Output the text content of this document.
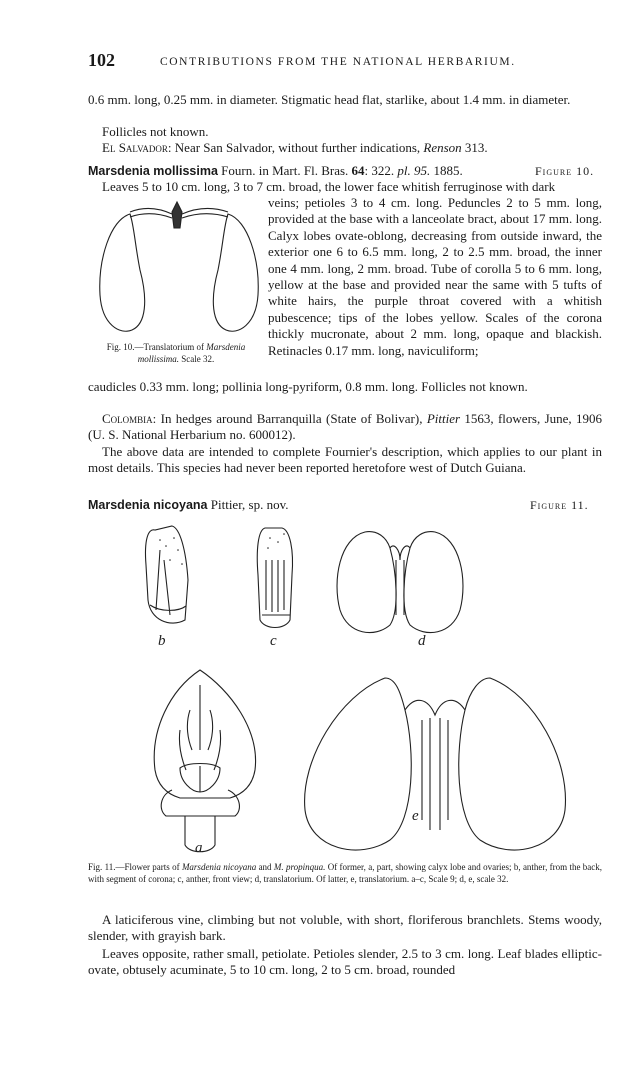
102	CONTRIBUTIONS FROM THE NATIONAL HERBARIUM.

0.6 mm. long, 0.25 mm. in diameter. Stigmatic head flat, starlike, about 1.4 mm. in diameter.

Follicles not known.

El Salvador: Near San Salvador, without further indications, Renson 313.

Marsdenia mollissima Fourn. in Mart. Fl. Bras. 64: 322. pl. 95. 1885.	Figure 10.

Leaves 5 to 10 cm. long, 3 to 7 cm. broad, the lower face whitish ferruginose with dark

Fig. 10.—Translatorium of Marsdenia mollissima. Scale 32.

veins; petioles 3 to 4 cm. long. Peduncles 2 to 5 mm. long, provided at the base with a lanceolate bract, about 17 mm. long. Calyx lobes ovate-oblong, decreasing from outside inward, the exterior one 6 to 6.5 mm. long, 2 to 2.5 mm. broad, the inner one 4 mm. long, 2 mm. broad. Tube of corolla 5 to 6 mm. long, yellow at the base and provided near the same with 5 tufts of white hairs, the purple throat covered with a whitish pubescence; tips of the lobes yellow. Scales of the corona thickly mucronate, about 2 mm. long, opaque and blackish. Retinacles 0.17 mm. long, naviculiform;

caudicles 0.33 mm. long; pollinia long-pyriform, 0.8 mm. long. Follicles not known.

Colombia: In hedges around Barranquilla (State of Bolivar), Pittier 1563, flowers, June, 1906 (U. S. National Herbarium no. 600012).

The above data are intended to complete Fournier's description, which applies to our plant in most details. This species had never been reported heretofore west of Dutch Guiana.

Marsdenia nicoyana Pittier, sp. nov.	Figure 11.
b	c	d
a
e

Fig. 11.—Flower parts of Marsdenia nicoyana and M. propinqua. Of former, a, part, showing calyx lobe and ovaries; b, anther, from the back, with segment of corona; c, anther, front view; d, translatorium. Of latter, e, translatorium. a–c, Scale 9; d, e, scale 32.

A laticiferous vine, climbing but not voluble, with short, floriferous branchlets. Stems woody, slender, with grayish bark.

Leaves opposite, rather small, petiolate. Petioles slender, 2.5 to 3 cm. long. Leaf blades elliptic-ovate, obtusely acuminate, 5 to 10 cm. long, 2 to 5 cm. broad, rounded
